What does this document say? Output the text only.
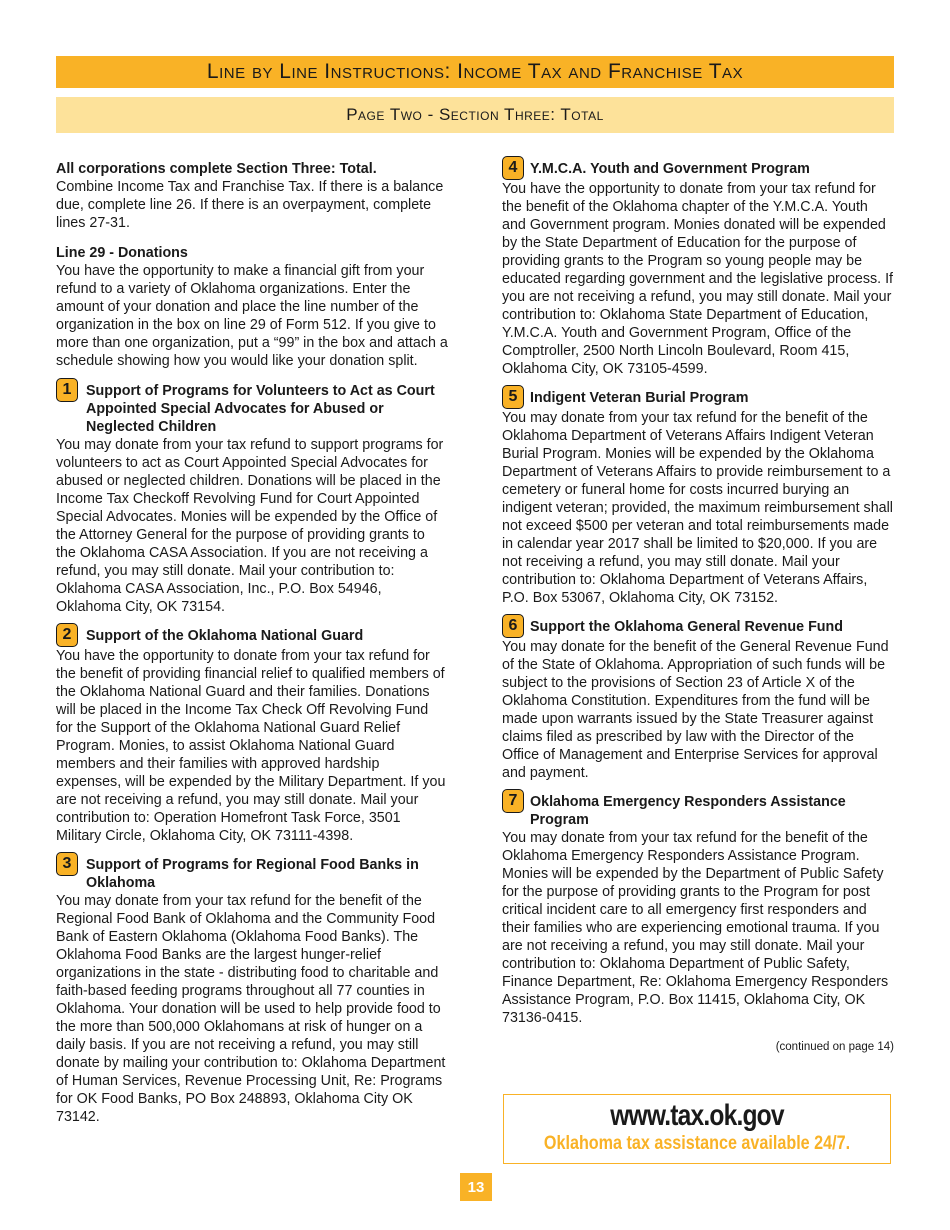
Line by Line Instructions: Income Tax and Franchise Tax
Page Two - Section Three: Total

All corporations complete Section Three: Total.

Combine Income Tax and Franchise Tax. If there is a balance due, complete line 26. If there is an overpayment, complete lines 27-31.

Line 29 - Donations

You have the opportunity to make a financial gift from your refund to a variety of Oklahoma organizations. Enter the amount of your donation and place the line number of the organization in the box on line 29 of Form 512. If you give to more than one organization, put a “99” in the box and attach a schedule showing how you would like your donation split.

1	Support of Programs for Volunteers to Act as Court Appointed Special Advocates for Abused or Neglected Children

You may donate from your tax refund to support programs for volunteers to act as Court Appointed Special Advocates for abused or neglected children. Donations will be placed in the Income Tax Checkoff Revolving Fund for Court Appointed Special Advocates. Monies will be expended by the Office of the Attorney General for the purpose of providing grants to the Oklahoma CASA Association. If you are not receiving a refund, you may still donate. Mail your contribution to: Oklahoma CASA Association, Inc., P.O. Box 54946, Oklahoma City, OK 73154.

2	Support of the Oklahoma National Guard

You have the opportunity to donate from your tax refund for the benefit of providing financial relief to qualified members of the Oklahoma National Guard and their families. Donations will be placed in the Income Tax Check Off Revolving Fund for the Support of the Oklahoma National Guard Relief Program. Monies, to assist Oklahoma National Guard members and their families with approved hardship expenses, will be expended by the Military Department. If you are not receiving a refund, you may still donate. Mail your contribution to: Operation Homefront Task Force, 3501 Military Circle, Oklahoma City, OK 73111-4398.

3	Support of Programs for Regional Food Banks in Oklahoma

You may donate from your tax refund for the benefit of the Regional Food Bank of Oklahoma and the Community Food Bank of Eastern Oklahoma (Oklahoma Food Banks). The Oklahoma Food Banks are the largest hunger-relief organizations in the state - distributing food to charitable and faith-based feeding programs throughout all 77 counties in Oklahoma. Your donation will be used to help provide food to the more than 500,000 Oklahomans at risk of hunger on a daily basis. If you are not receiving a refund, you may still donate by mailing your contribution to: Oklahoma Department of Human Services, Revenue Processing Unit, Re: Programs for OK Food Banks, PO Box 248893, Oklahoma City OK 73142.

4 Y.M.C.A. Youth and Government Program

You have the opportunity to donate from your tax refund for the benefit of the Oklahoma chapter of the Y.M.C.A. Youth and Government program. Monies donated will be expended by the State Department of Education for the purpose of providing grants to the Program so young people may be educated regarding government and the legislative process. If you are not receiving a refund, you may still donate. Mail your contribution to: Oklahoma State Department of Education, Y.M.C.A. Youth and Government Program, Office of the Comptroller, 2500 North Lincoln Boulevard, Room 415, Oklahoma City, OK 73105-4599.

5 Indigent Veteran Burial Program

You may donate from your tax refund for the benefit of the Oklahoma Department of Veterans Affairs Indigent Veteran Burial Program. Monies will be expended by the Oklahoma Department of Veterans Affairs to provide reimbursement to a cemetery or funeral home for costs incurred burying an indigent veteran; provided, the maximum reimbursement shall not exceed $500 per veteran and total reimbursements made in calendar year 2017 shall be limited to $20,000. If you are not receiving a refund, you may still donate. Mail your contribution to: Oklahoma Department of Veterans Affairs, P.O. Box 53067, Oklahoma City, OK 73152.

6 Support the Oklahoma General Revenue Fund

You may donate for the benefit of the General Revenue Fund of the State of Oklahoma. Appropriation of such funds will be subject to the provisions of Section 23 of Article X of the Oklahoma Constitution. Expenditures from the fund will be made upon warrants issued by the State Treasurer against claims filed as prescribed by law with the Director of the Office of Management and Enterprise Services for approval and payment.

7 Oklahoma Emergency Responders Assistance Program

You may donate from your tax refund for the benefit of the Oklahoma Emergency Responders Assistance Program. Monies will be expended by the Department of Public Safety for the purpose of providing grants to the Program for post critical incident care to all emergency first responders and their families who are experiencing emotional trauma. If you are not receiving a refund, you may still donate. Mail your contribution to: Oklahoma Department of Public Safety, Finance Department, Re: Oklahoma Emergency Responders Assistance Program, P.O. Box 11415, Oklahoma City, OK 73136-0415.

(continued on page 14)

www.tax.ok.gov
Oklahoma tax assistance available 24/7.
13
